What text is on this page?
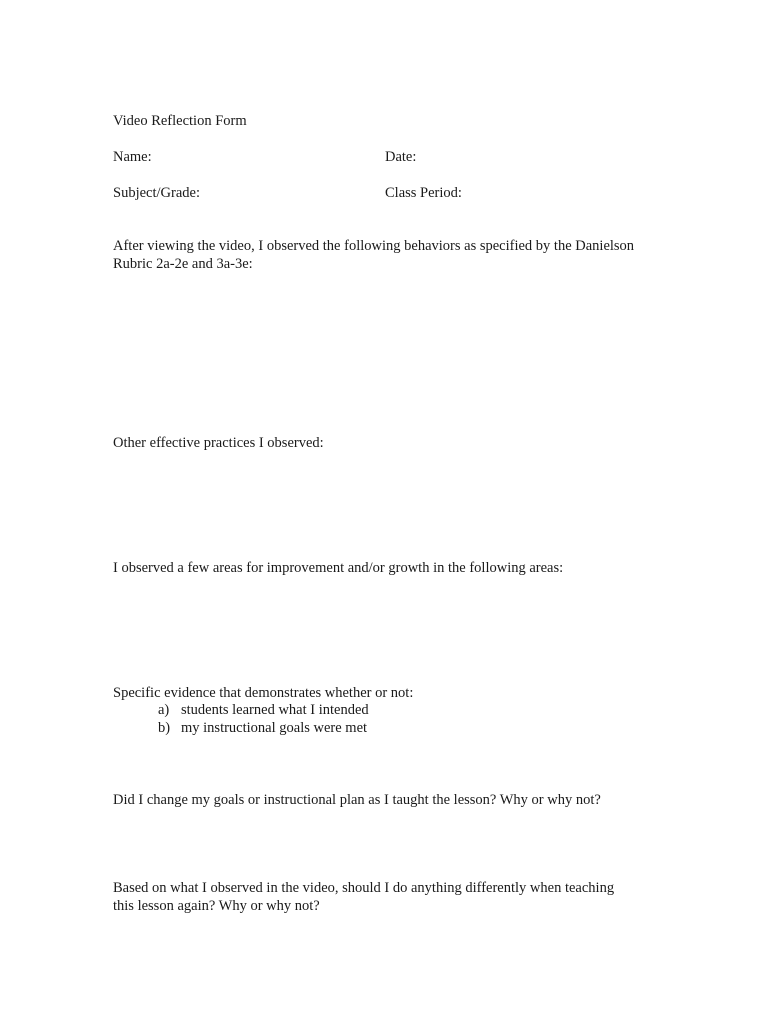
Video Reflection Form
Name:	Date:
Subject/Grade:	Class Period:
After viewing the video, I observed the following behaviors as specified by the Danielson
Rubric 2a-2e and 3a-3e:
Other effective practices I observed:
I observed a few areas for improvement and/or growth in the following areas:
Specific evidence that demonstrates whether or not:
a) students learned what I intended
b) my instructional goals were met
Did I change my goals or instructional plan as I taught the lesson? Why or why not?
Based on what I observed in the video, should I do anything differently when teaching
this lesson again? Why or why not?
